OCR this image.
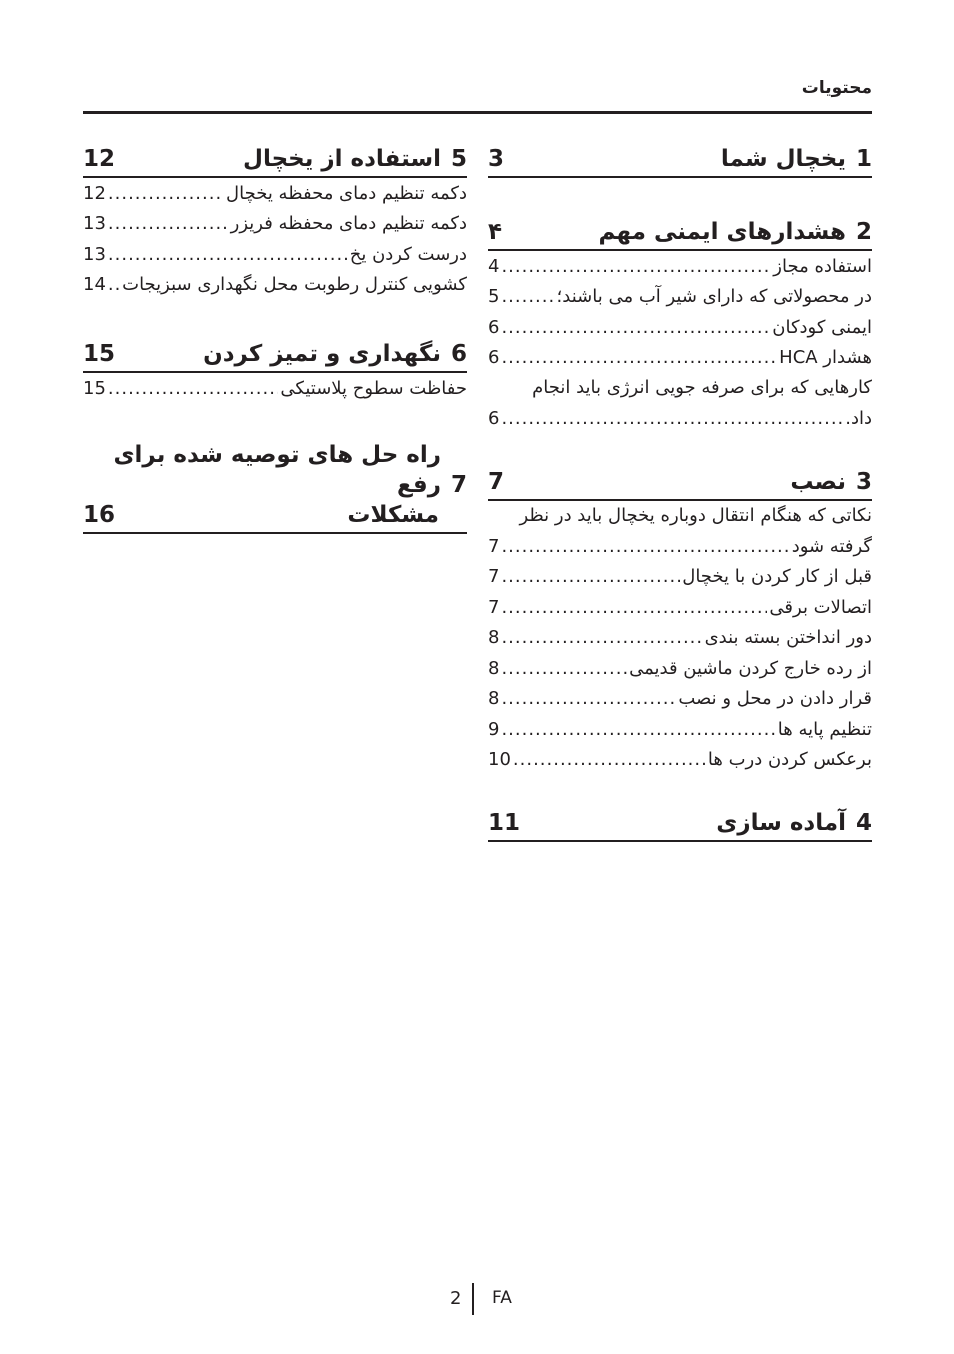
محتویات
1
یخچال شما
3
2
هشدارهای ایمنی مهم
۴
استفاده مجاز
.....
4
در محصولاتی که دارای شیر آب می باشند؛
.....
5
ایمنی کودکان
.....
6
هشدار HCA
.....
6
کارهایی که برای صرفه جویی انرژی باید انجام
داد.
.....
6
3
نصب
7
نکاتی که هنگام انتقال دوباره یخچال باید در نظر
گرفته شود
.....
7
قبل از کار کردن با یخچال
.....
7
اتصالات برقی
.....
7
دور انداختن بسته بندی
.....
8
از رده خارج کردن ماشین قدیمی
.....
8
قرار دادن در محل و نصب
.....
8
تنظیم پایه ها
.....
9
برعکس کردن درب ها
.....
10
4
آماده سازی
11
5
استفاده از یخچال
12
دکمه تنظیم دمای محفظه یخچال
.....
12
دکمه تنظیم دمای محفظه فریزر
.....
13
درست کردن یخ
.....
13
کشویی کنترل رطوبت محل نگهداری سبزیجات
.....
14
6
نگهداری و تمیز کردن
15
حفاظت سطوح پلاستیکی
.....
15
7
راه حل های توصیه شده برای رفع
مشکلات
16
2 FA
